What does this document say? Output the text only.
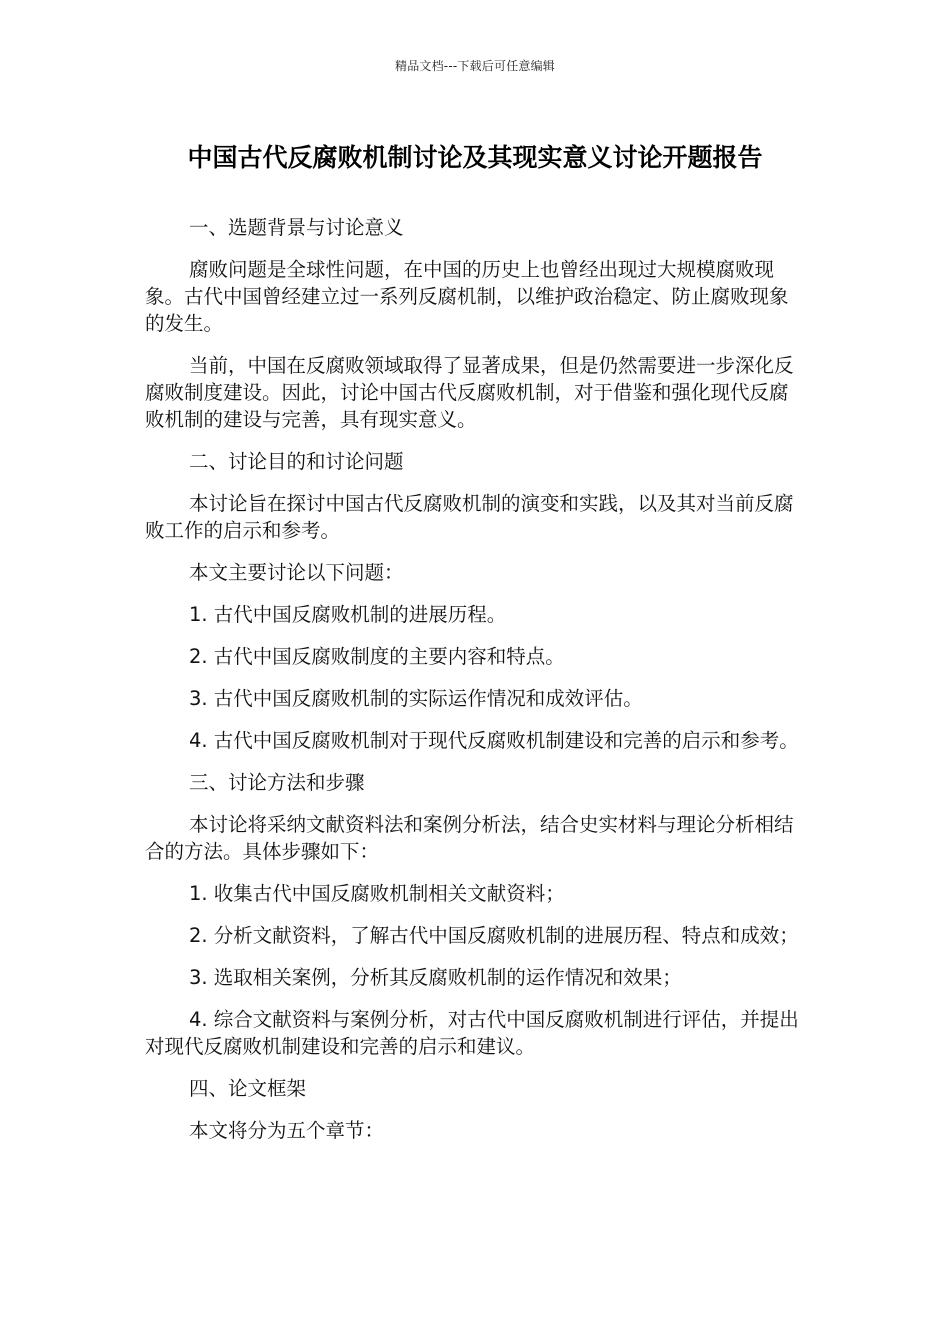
精品文档---下载后可任意编辑
中国古代反腐败机制讨论及其现实意义讨论开题报告

一、选题背景与讨论意义

腐败问题是全球性问题，在中国的历史上也曾经出现过大规模腐败现象。古代中国曾经建立过一系列反腐机制，以维护政治稳定、防止腐败现象的发生。

当前，中国在反腐败领域取得了显著成果，但是仍然需要进一步深化反腐败制度建设。因此，讨论中国古代反腐败机制，对于借鉴和强化现代反腐败机制的建设与完善，具有现实意义。

二、讨论目的和讨论问题

本讨论旨在探讨中国古代反腐败机制的演变和实践，以及其对当前反腐败工作的启示和参考。

本文主要讨论以下问题：

1. 古代中国反腐败机制的进展历程。

2. 古代中国反腐败制度的主要内容和特点。

3. 古代中国反腐败机制的实际运作情况和成效评估。

4. 古代中国反腐败机制对于现代反腐败机制建设和完善的启示和参考。

三、讨论方法和步骤

本讨论将采纳文献资料法和案例分析法，结合史实材料与理论分析相结合的方法。具体步骤如下：

1. 收集古代中国反腐败机制相关文献资料；

2. 分析文献资料，了解古代中国反腐败机制的进展历程、特点和成效；

3. 选取相关案例，分析其反腐败机制的运作情况和效果；

4. 综合文献资料与案例分析，对古代中国反腐败机制进行评估，并提出对现代反腐败机制建设和完善的启示和建议。

四、论文框架

本文将分为五个章节：
